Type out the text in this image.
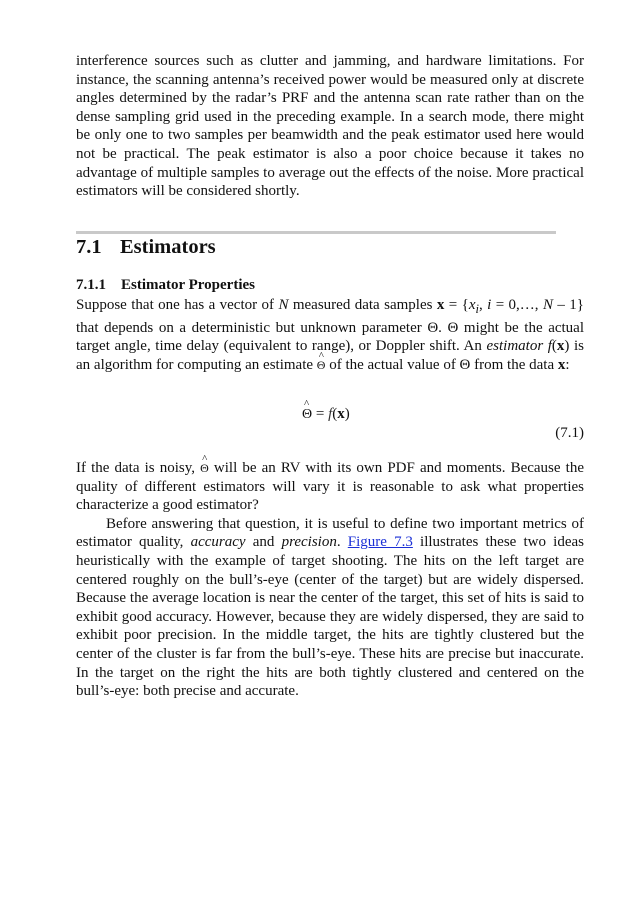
interference sources such as clutter and jamming, and hardware limitations. For instance, the scanning antenna’s received power would be measured only at discrete angles determined by the radar’s PRF and the antenna scan rate rather than on the dense sampling grid used in the preceding example. In a search mode, there might be only one to two samples per beamwidth and the peak estimator used here would not be practical. The peak estimator is also a poor choice because it takes no advantage of multiple samples to average out the effects of the noise. More practical estimators will be considered shortly.

7.1 Estimators
7.1.1 Estimator Properties

Suppose that one has a vector of N measured data samples $x = \{x_i$, i = 0,…, N – 1} that depends on a deterministic but unknown parameter Θ. Θ might be the actual target angle, time delay (equivalent to range), or Doppler shift. An estimator f(x) is an algorithm for computing an estimate ^ Θ of the actual value of Θ from the data x:

^ Θ = f(x)
(7.1)

If the data is noisy, ^ Θ will be an RV with its own PDF and moments. Because the quality of different estimators will vary it is reasonable to ask what properties characterize a good estimator?

Before answering that question, it is useful to define two important metrics of estimator quality, accuracy and precision. Figure 7.3 illustrates these two ideas heuristically with the example of target shooting. The hits on the left target are centered roughly on the bull’s-eye (center of the target) but are widely dispersed. Because the average location is near the center of the target, this set of hits is said to exhibit good accuracy. However, because they are widely dispersed, they are said to exhibit poor precision. In the middle target, the hits are tightly clustered but the center of the cluster is far from the bull’s-eye. These hits are precise but inaccurate. In the target on the right the hits are both tightly clustered and centered on the bull’s-eye: both precise and accurate.
